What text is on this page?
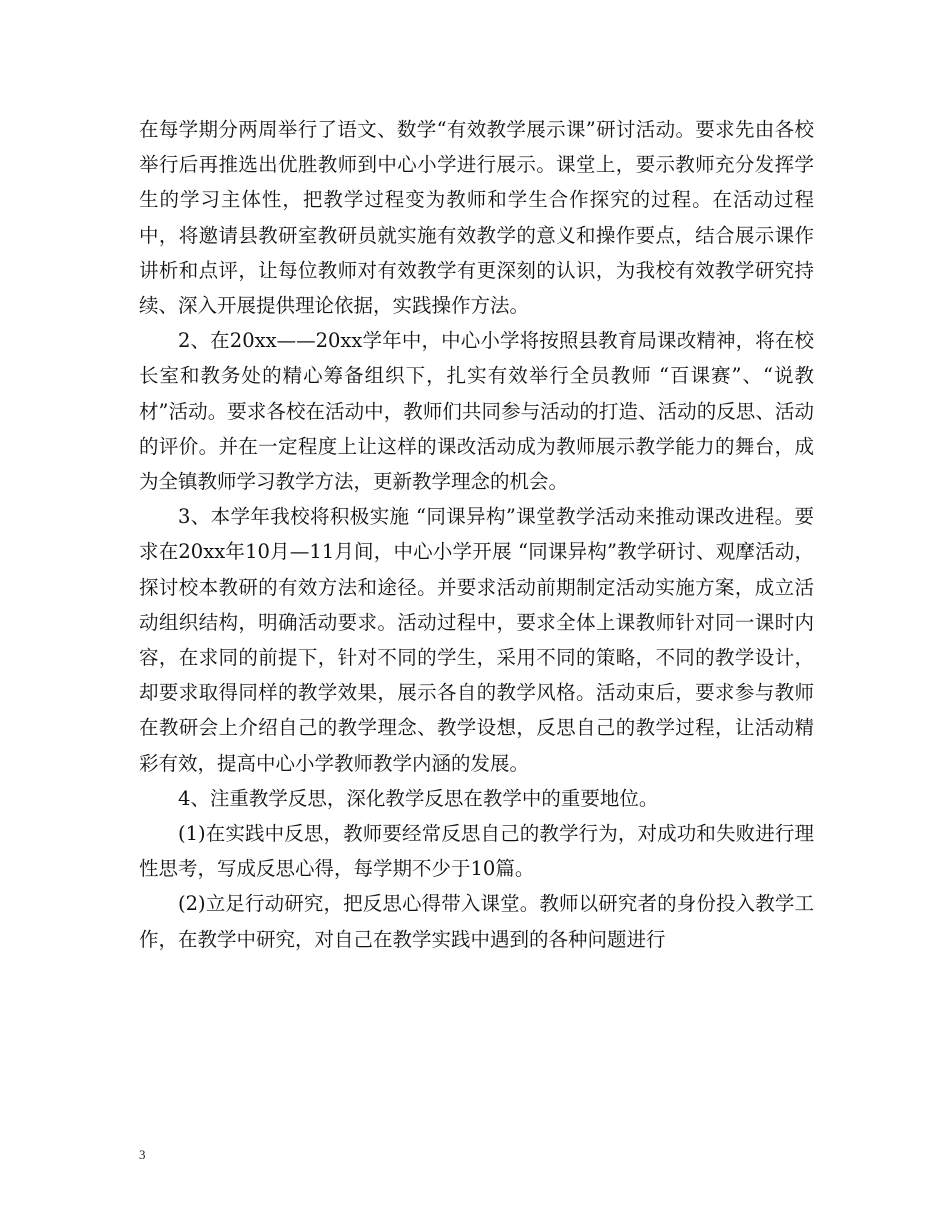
在每学期分两周举行了语文、数学“有效教学展示课”研讨活动。要求先由各校举行后再推选出优胜教师到中心小学进行展示。课堂上，要示教师充分发挥学生的学习主体性，把教学过程变为教师和学生合作探究的过程。在活动过程中，将邀请县教研室教研员就实施有效教学的意义和操作要点，结合展示课作讲析和点评，让每位教师对有效教学有更深刻的认识，为我校有效教学研究持续、深入开展提供理论依据，实践操作方法。

2、在20xx——20xx学年中，中心小学将按照县教育局课改精神，将在校长室和教务处的精心筹备组织下，扎实有效举行全员教师 “百课赛”、“说教材”活动。要求各校在活动中，教师们共同参与活动的打造、活动的反思、活动的评价。并在一定程度上让这样的课改活动成为教师展示教学能力的舞台，成为全镇教师学习教学方法，更新教学理念的机会。

3、本学年我校将积极实施 “同课异构”课堂教学活动来推动课改进程。要求在20xx年10月—11月间，中心小学开展 “同课异构”教学研讨、观摩活动，探讨校本教研的有效方法和途径。并要求活动前期制定活动实施方案，成立活动组织结构，明确活动要求。活动过程中，要求全体上课教师针对同一课时内容，在求同的前提下，针对不同的学生，采用不同的策略，不同的教学设计，却要求取得同样的教学效果，展示各自的教学风格。活动束后，要求参与教师在教研会上介绍自己的教学理念、教学设想，反思自己的教学过程，让活动精彩有效，提高中心小学教师教学内涵的发展。

4、注重教学反思，深化教学反思在教学中的重要地位。

(1)在实践中反思，教师要经常反思自己的教学行为，对成功和失败进行理性思考，写成反思心得，每学期不少于10篇。

(2)立足行动研究，把反思心得带入课堂。教师以研究者的身份投入教学工作，在教学中研究，对自己在教学实践中遇到的各种问题进行

3
